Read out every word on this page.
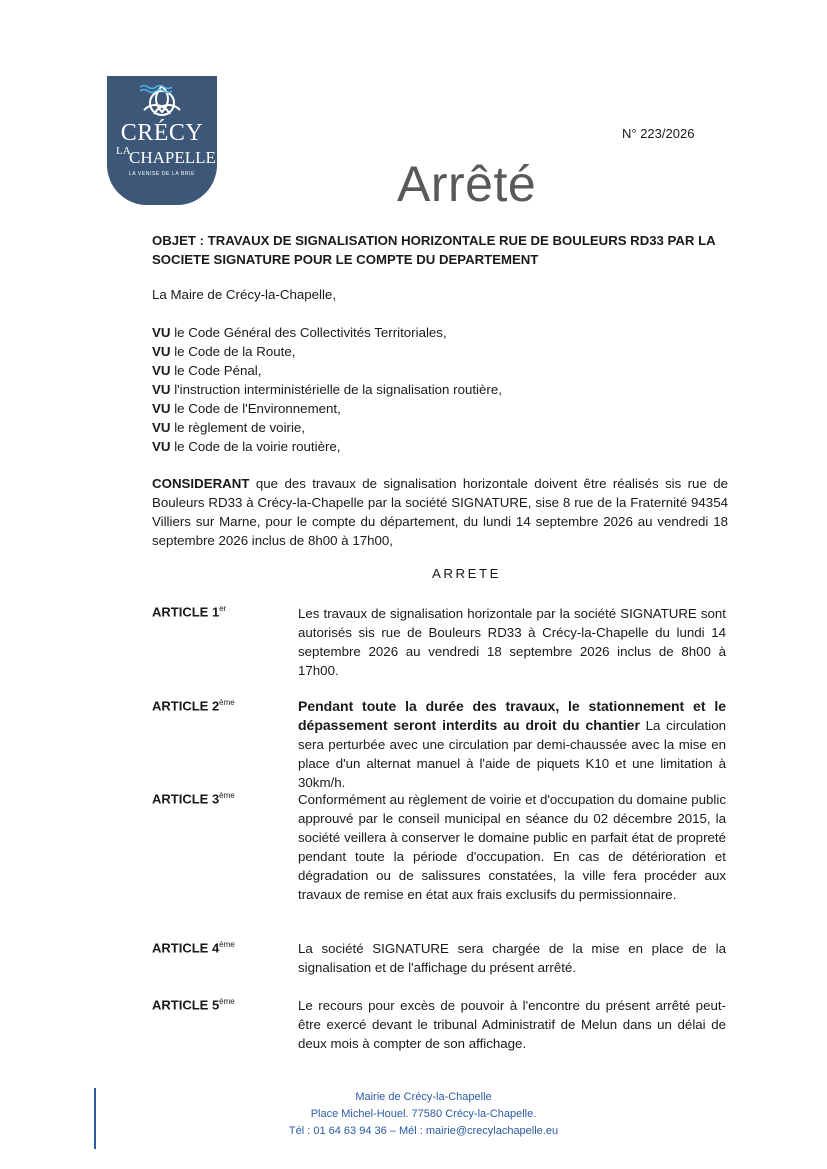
CRÉCY
LA
CHAPELLE
LA VENISE DE LA BRIE
N° 223/2026
Arrêté
OBJET : TRAVAUX DE SIGNALISATION HORIZONTALE RUE DE BOULEURS RD33 PAR LA SOCIETE SIGNATURE POUR LE COMPTE DU DEPARTEMENT
La Maire de Crécy-la-Chapelle,
VU le Code Général des Collectivités Territoriales,
VU le Code de la Route,
VU le Code Pénal,
VU l'instruction interministérielle de la signalisation routière,
VU le Code de l'Environnement,
VU le règlement de voirie,
VU le Code de la voirie routière,
CONSIDERANT que des travaux de signalisation horizontale doivent être réalisés sis rue de Bouleurs RD33 à Crécy-la-Chapelle par la société SIGNATURE, sise 8 rue de la Fraternité 94354 Villiers sur Marne, pour le compte du département, du lundi 14 septembre 2026 au vendredi 18 septembre 2026 inclus de 8h00 à 17h00,
ARRETE
ARTICLE 1er	Les travaux de signalisation horizontale par la société SIGNATURE sont autorisés sis rue de Bouleurs RD33 à Crécy-la-Chapelle du lundi 14 septembre 2026 au vendredi 18 septembre 2026 inclus de 8h00 à 17h00.
ARTICLE 2ème	Pendant toute la durée des travaux, le stationnement et le dépassement seront interdits au droit du chantier La circulation sera perturbée avec une circulation par demi-chaussée avec la mise en place d'un alternat manuel à l'aide de piquets K10 et une limitation à 30km/h.
ARTICLE 3ème	Conformément au règlement de voirie et d'occupation du domaine public approuvé par le conseil municipal en séance du 02 décembre 2015, la société veillera à conserver le domaine public en parfait état de propreté pendant toute la période d'occupation. En cas de détérioration et dégradation ou de salissures constatées, la ville fera procéder aux travaux de remise en état aux frais exclusifs du permissionnaire.
ARTICLE 4ème	La société SIGNATURE sera chargée de la mise en place de la signalisation et de l'affichage du présent arrêté.
ARTICLE 5ème	Le recours pour excès de pouvoir à l'encontre du présent arrêté peut-être exercé devant le tribunal Administratif de Melun dans un délai de deux mois à compter de son affichage.
Mairie de Crécy-la-Chapelle
Place Michel-Houel. 77580 Crécy-la-Chapelle.
Tél : 01 64 63 94 36 – Mél : mairie@crecylachapelle.eu
